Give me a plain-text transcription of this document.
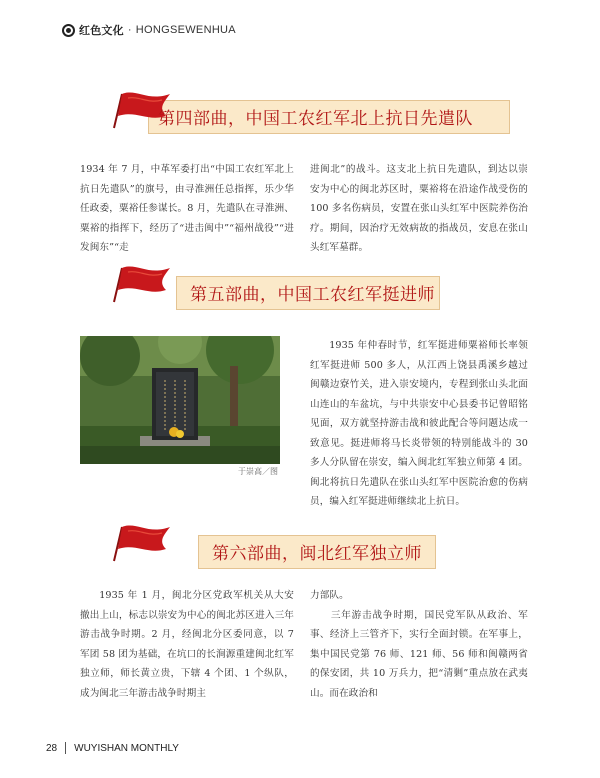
红色文化 · HONGSEWENHUA
第四部曲，中国工农红军北上抗日先遣队
1934 年 7 月，中革军委打出“中国工农红军北上抗日先遣队”的旗号，由寻淮洲任总指挥，乐少华任政委，粟裕任参谋长。8 月，先遣队在寻淮洲、粟裕的指挥下，经历了“进击闽中”“福州战役”“进发闽东”“走
进闽北”的战斗。这支北上抗日先遣队，到达以崇安为中心的闽北苏区时，粟裕将在沿途作战受伤的 100 多名伤病员，安置在张山头红军中医院养伤治疗。期间，因治疗无效病故的指战员，安息在张山头红军墓群。
第五部曲，中国工农红军挺进师
于崇高／图
1935 年仲春时节，红军挺进师粟裕师长率领红军挺进师 500 多人，从江西上饶县禹溪乡越过闽赣边寮竹关，进入崇安境内，专程到张山头北面山连山的车盆坑，与中共崇安中心县委书记曾昭铭见面，双方就坚持游击战和彼此配合等问题达成一致意见。挺进师将马长炎带领的特别能战斗的 30 多人分队留在崇安，编入闽北红军独立师第 4 团。闽北将抗日先遣队在张山头红军中医院治愈的伤病员，编入红军挺进师继续北上抗日。
第六部曲，闽北红军独立师
1935 年 1 月，闽北分区党政军机关从大安撤出上山，标志以崇安为中心的闽北苏区进入三年游击战争时期。2 月，经闽北分区委同意，以 7 军团 58 团为基础，在坑口的长涧源重建闽北红军独立师，师长黄立贵，下辖 4 个团、1 个纵队，成为闽北三年游击战争时期主
力部队。
　　三年游击战争时期，国民党军队从政治、军事、经济上三管齐下，实行全面封锁。在军事上，集中国民党第 76 师、121 师、56 师和闽赣两省的保安团，共 10 万兵力，把“清剿”重点放在武夷山。而在政治和
28 WUYISHAN MONTHLY
